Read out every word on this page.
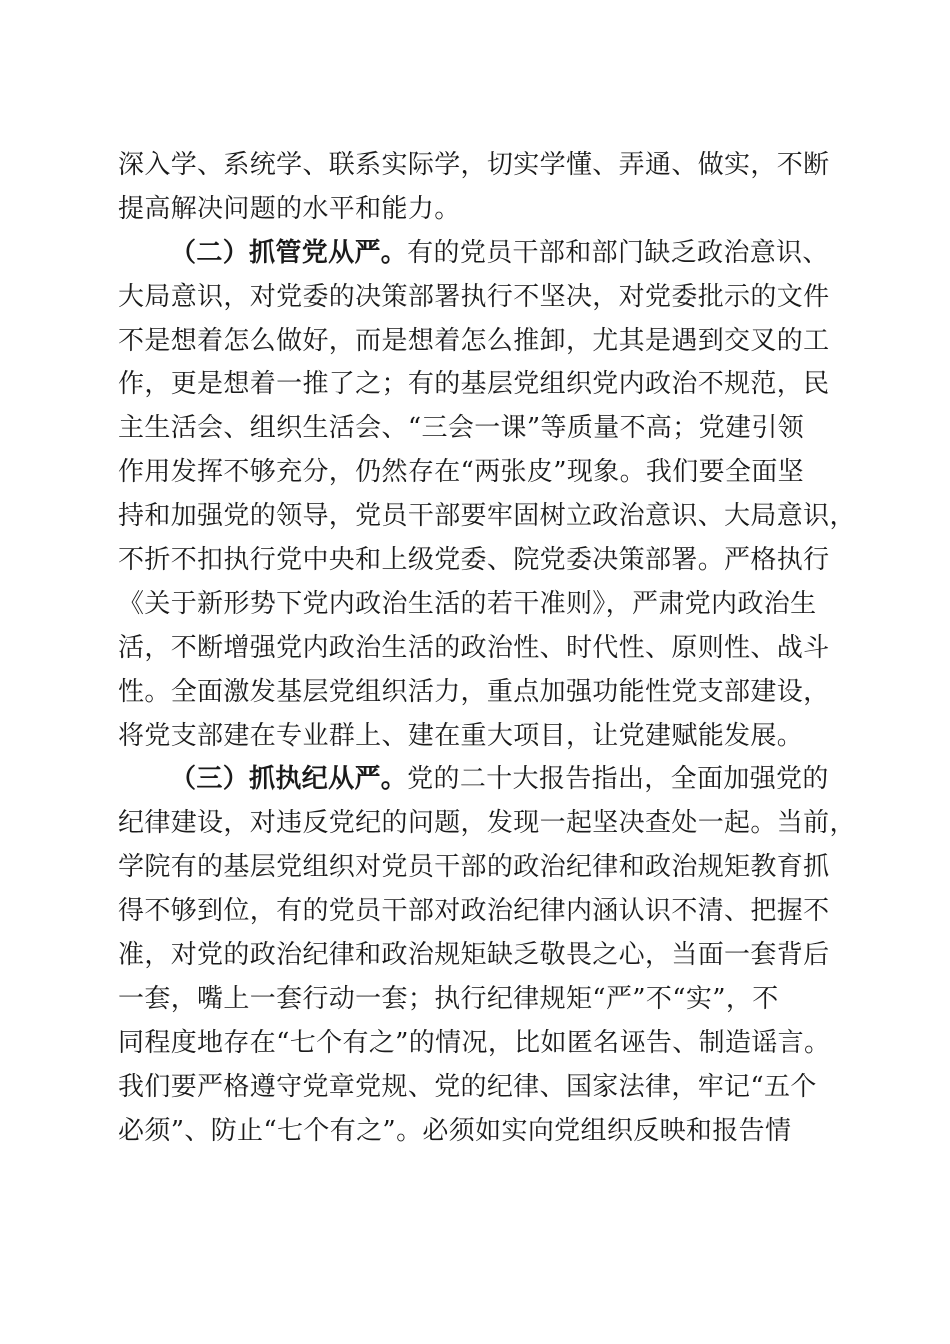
深入学、系统学、联系实际学，切实学懂、弄通、做实，不断
提高解决问题的水平和能力。
（二）抓管党从严。有的党员干部和部门缺乏政治意识、
大局意识，对党委的决策部署执行不坚决，对党委批示的文件
不是想着怎么做好，而是想着怎么推卸，尤其是遇到交叉的工
作，更是想着一推了之；有的基层党组织党内政治不规范，民
主生活会、组织生活会、“三会一课”等质量不高；党建引领
作用发挥不够充分，仍然存在“两张皮”现象。我们要全面坚
持和加强党的领导，党员干部要牢固树立政治意识、大局意识，
不折不扣执行党中央和上级党委、院党委决策部署。严格执行
《关于新形势下党内政治生活的若干准则》，严肃党内政治生
活，不断增强党内政治生活的政治性、时代性、原则性、战斗
性。全面激发基层党组织活力，重点加强功能性党支部建设，
将党支部建在专业群上、建在重大项目，让党建赋能发展。
（三）抓执纪从严。党的二十大报告指出，全面加强党的
纪律建设，对违反党纪的问题，发现一起坚决查处一起。当前，
学院有的基层党组织对党员干部的政治纪律和政治规矩教育抓
得不够到位，有的党员干部对政治纪律内涵认识不清、把握不
准，对党的政治纪律和政治规矩缺乏敬畏之心，当面一套背后
一套，嘴上一套行动一套；执行纪律规矩“严”不“实”，不
同程度地存在“七个有之”的情况，比如匿名诬告、制造谣言。
我们要严格遵守党章党规、党的纪律、国家法律，牢记“五个
必须”、防止“七个有之”。必须如实向党组织反映和报告情
